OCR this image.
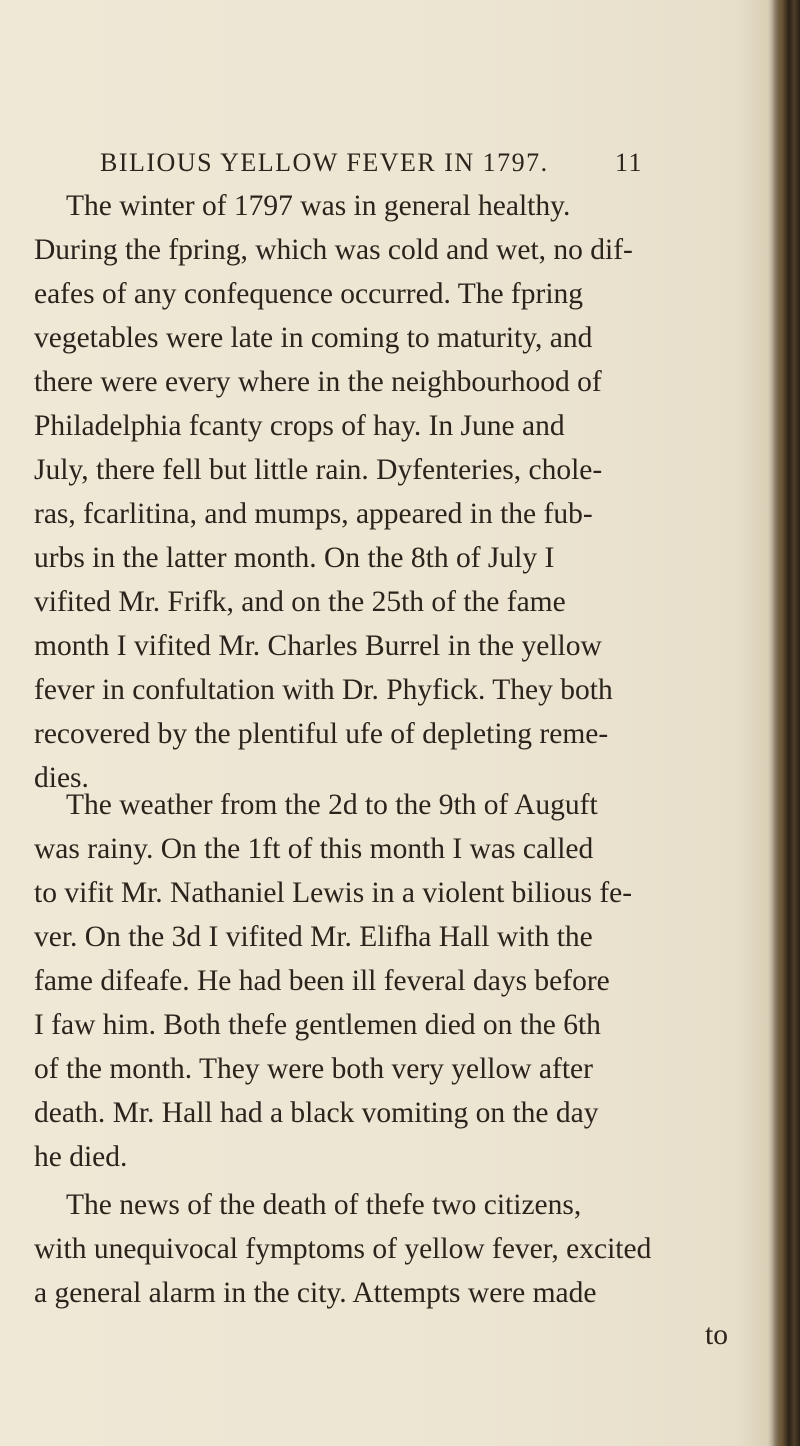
BILIOUS YELLOW FEVER IN 1797.	11
The winter of 1797 was in general healthy.
During the fpring, which was cold and wet, no dif-
eafes of any confequence occurred. The fpring
vegetables were late in coming to maturity, and
there were every where in the neighbourhood of
Philadelphia fcanty crops of hay. In June and
July, there fell but little rain. Dyfenteries, chole-
ras, fcarlitina, and mumps, appeared in the fub-
urbs in the latter month. On the 8th of July I
vifited Mr. Frifk, and on the 25th of the fame
month I vifited Mr. Charles Burrel in the yellow
fever in confultation with Dr. Phyfick. They both
recovered by the plentiful ufe of depleting reme-
dies.
The weather from the 2d to the 9th of Auguft
was rainy. On the 1ft of this month I was called
to vifit Mr. Nathaniel Lewis in a violent bilious fe-
ver. On the 3d I vifited Mr. Elifha Hall with the
fame difeafe. He had been ill feveral days before
I faw him. Both thefe gentlemen died on the 6th
of the month. They were both very yellow after
death. Mr. Hall had a black vomiting on the day
he died.
The news of the death of thefe two citizens,
with unequivocal fymptoms of yellow fever, excited
a general alarm in the city. Attempts were made
to
